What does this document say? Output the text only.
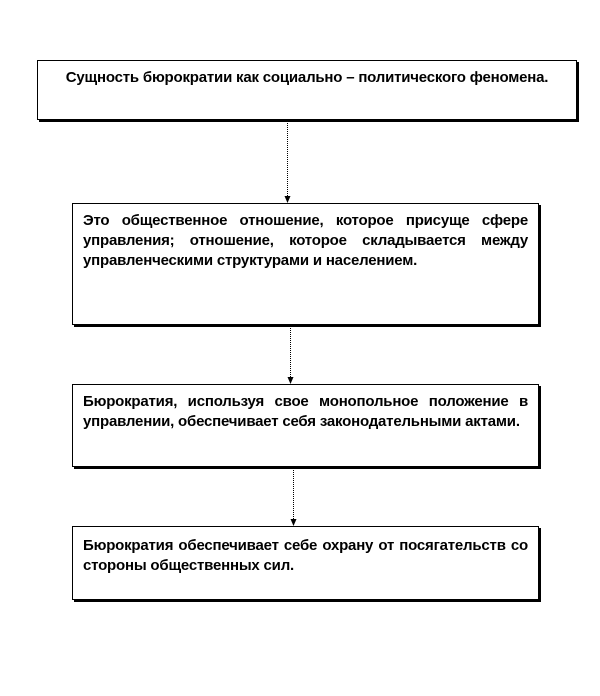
Сущность бюрократии как социально – политического феномена.

Это общественное отношение, которое присуще сфере управления; отношение, которое складывается между управленческими структурами и населением.

Бюрократия, используя свое монопольное положение в управлении, обеспечивает себя законодательными актами.

Бюрократия обеспечивает себе охрану от посягательств со стороны общественных сил.
